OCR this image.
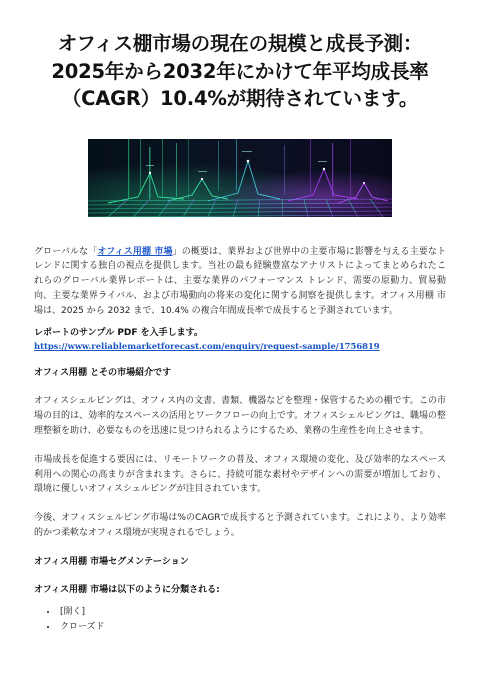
オフィス棚市場の現在の規模と成長予測：2025年から2032年にかけて年平均成長率（CAGR）10.4%が期待されています。

グローバルな「オフィス用棚 市場」の概要は、業界および世界中の主要市場に影響を与える主要なトレンドに関する独自の視点を提供します。当社の最も経験豊富なアナリストによってまとめられたこれらのグローバル業界レポートは、主要な業界のパフォーマンス トレンド、需要の原動力、貿易動向、主要な業界ライバル、および市場動向の将来の変化に関する洞察を提供します。オフィス用棚 市場は、2025 から 2032 まで、10.4% の複合年間成長率で成長すると予測されています。

レポートのサンプル PDF を入手します。
https://www.reliablemarketforecast.com/enquiry/request-sample/1756819
オフィス用棚 とその市場紹介です

オフィスシェルビングは、オフィス内の文書、書類、機器などを整理・保管するための棚です。この市場の目的は、効率的なスペースの活用とワークフローの向上です。オフィスシェルビングは、職場の整理整頓を助け、必要なものを迅速に見つけられるようにするため、業務の生産性を向上させます。

市場成長を促進する要因には、リモートワークの普及、オフィス環境の変化、及び効率的なスペース利用への関心の高まりが含まれます。さらに、持続可能な素材やデザインへの需要が増加しており、環境に優しいオフィスシェルビングが注目されています。

今後、オフィスシェルビング市場は%のCAGRで成長すると予測されています。これにより、より効率的かつ柔軟なオフィス環境が実現されるでしょう。

オフィス用棚 市場セグメンテーション
オフィス用棚 市場は以下のように分類される:
• [開く]
• クローズド
